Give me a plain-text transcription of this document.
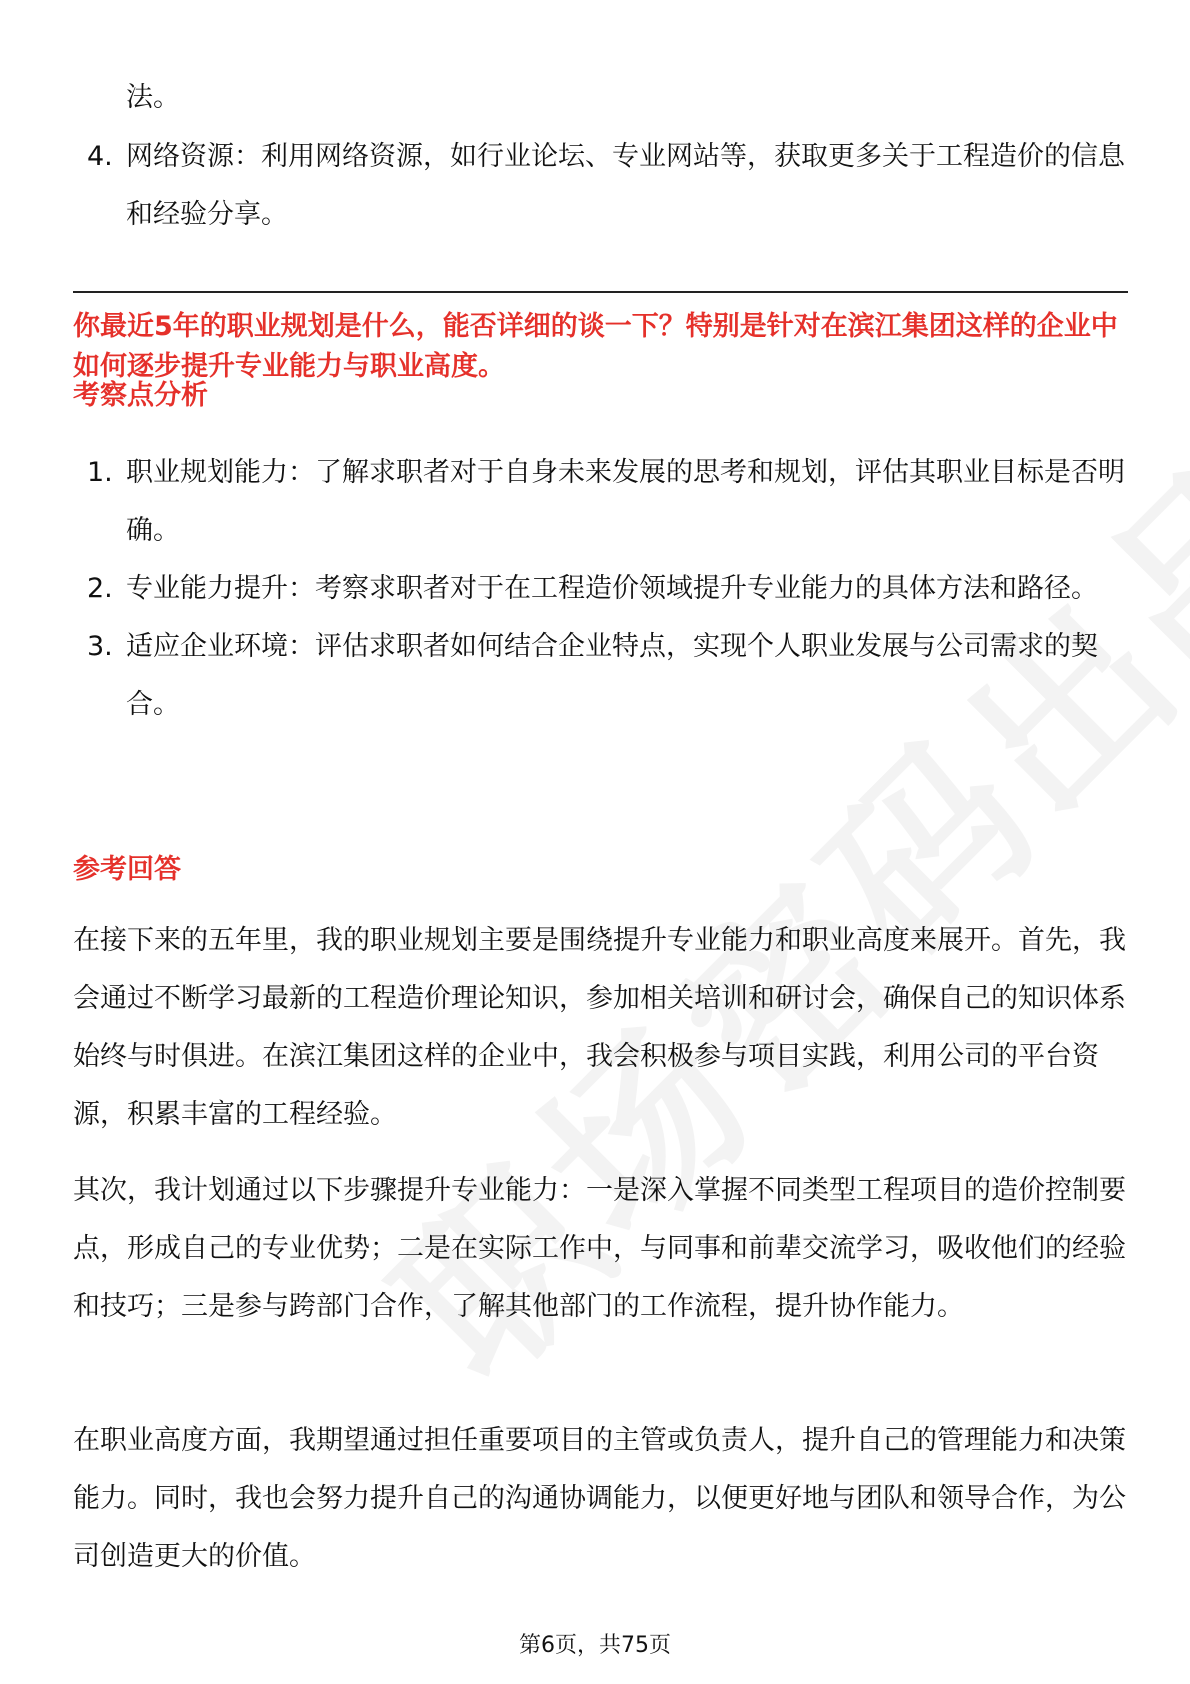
法。
4. 网络资源：利用网络资源，如行业论坛、专业网站等，获取更多关于工程造价的信息和经验分享。
你最近5年的职业规划是什么，能否详细的谈一下？特别是针对在滨江集团这样的企业中如何逐步提升专业能力与职业高度。
考察点分析
1. 职业规划能力：了解求职者对于自身未来发展的思考和规划，评估其职业目标是否明确。
2. 专业能力提升：考察求职者对于在工程造价领域提升专业能力的具体方法和路径。
3. 适应企业环境：评估求职者如何结合企业特点，实现个人职业发展与公司需求的契合。
参考回答

在接下来的五年里，我的职业规划主要是围绕提升专业能力和职业高度来展开。首先，我会通过不断学习最新的工程造价理论知识，参加相关培训和研讨会，确保自己的知识体系始终与时俱进。在滨江集团这样的企业中，我会积极参与项目实践，利用公司的平台资源，积累丰富的工程经验。

其次，我计划通过以下步骤提升专业能力：一是深入掌握不同类型工程项目的造价控制要点，形成自己的专业优势；二是在实际工作中，与同事和前辈交流学习，吸收他们的经验和技巧；三是参与跨部门合作，了解其他部门的工作流程，提升协作能力。

在职业高度方面，我期望通过担任重要项目的主管或负责人，提升自己的管理能力和决策能力。同时，我也会努力提升自己的沟通协调能力，以便更好地与团队和领导合作，为公司创造更大的价值。

第6页，共75页
